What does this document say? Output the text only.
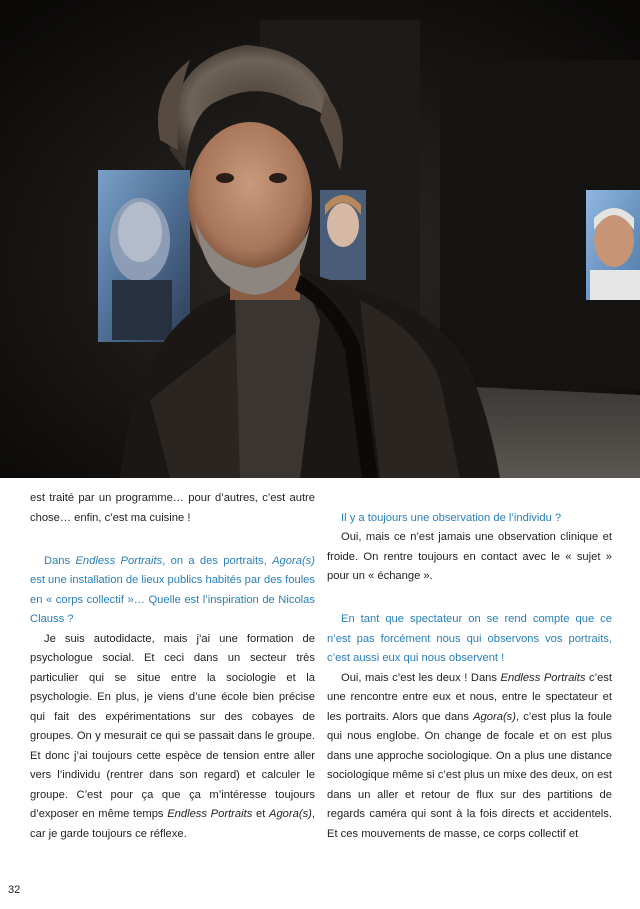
est traité par un programme… pour d’autres, c’est autre chose… enfin, c’est ma cuisine !

Dans Endless Portraits, on a des portraits, Agora(s) est une installation de lieux publics habités par des foules en « corps collectif »… Quelle est l’inspiration de Nicolas Clauss ?

Je suis autodidacte, mais j’ai une formation de psychologue social. Et ceci dans un secteur très particulier qui se situe entre la sociologie et la psychologie. En plus, je viens d’une école bien précise qui fait des expérimentations sur des cobayes de groupes. On y mesurait ce qui se passait dans le groupe. Et donc j’ai toujours cette espèce de tension entre aller vers l’individu (rentrer dans son regard) et calculer le groupe. C’est pour ça que ça m’intéresse toujours d’exposer en même temps Endless Portraits et Agora(s), car je garde toujours ce réflexe.

Il y a toujours une observation de l’individu ?

Oui, mais ce n’est jamais une observation clinique et froide. On rentre toujours en contact avec le « sujet » pour un « échange ».

En tant que spectateur on se rend compte que ce n’est pas forcément nous qui observons vos portraits, c’est aussi eux qui nous observent !

Oui, mais c’est les deux ! Dans Endless Portraits c’est une rencontre entre eux et nous, entre le spectateur et les portraits. Alors que dans Agora(s), c’est plus la foule qui nous englobe. On change de focale et on est plus dans une approche sociologique. On a plus une distance sociologique même si c’est plus un mixe des deux, on est dans un aller et retour de flux sur des partitions de regards caméra qui sont à la fois directs et accidentels. Et ces mouvements de masse, ce corps collectif et

32
